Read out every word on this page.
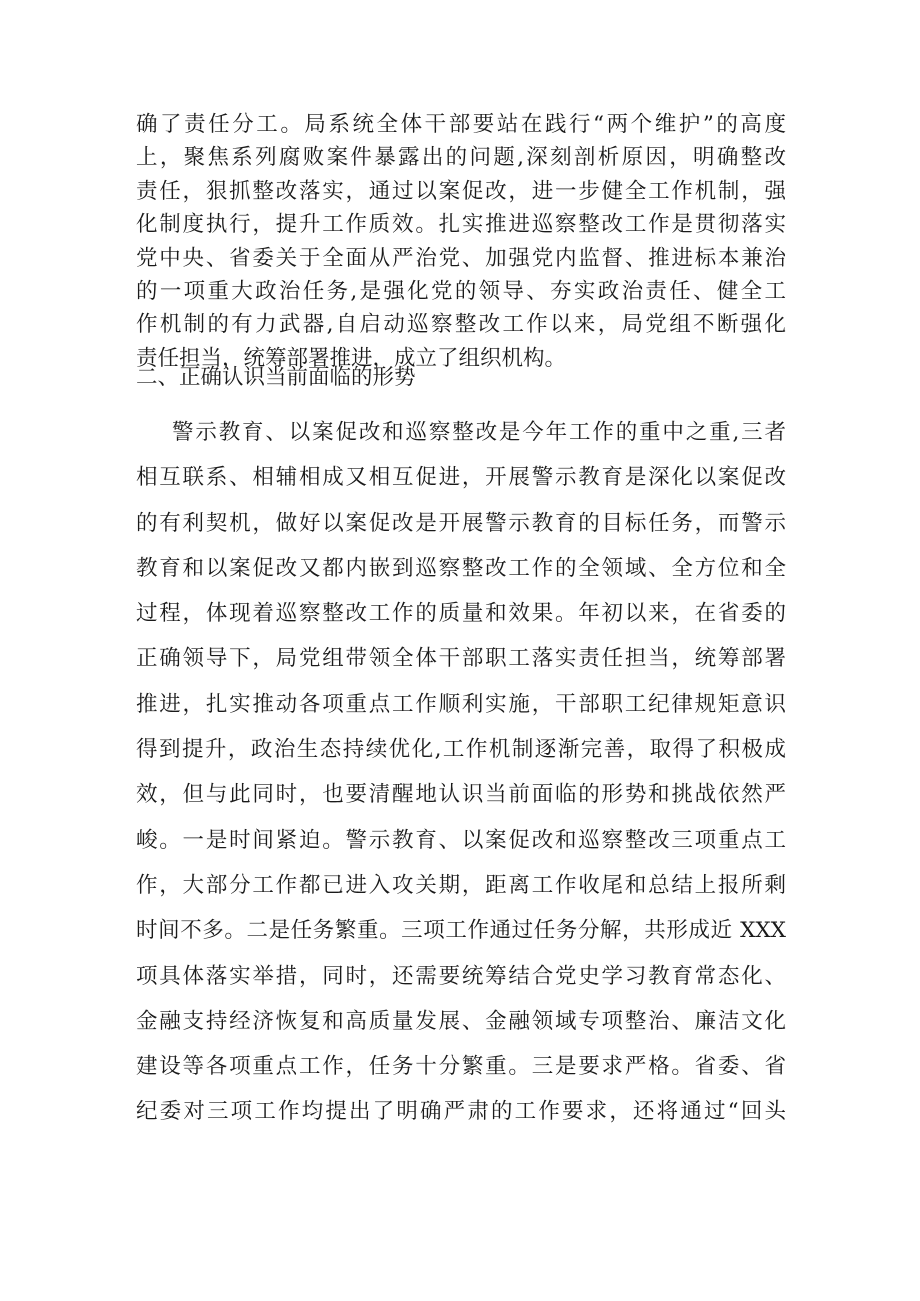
确了责任分工。局系统全体干部要站在践行“两个维护”的高度
上，聚焦系列腐败案件暴露出的问题,深刻剖析原因，明确整改
责任，狠抓整改落实，通过以案促改，进一步健全工作机制，强
化制度执行，提升工作质效。扎实推进巡察整改工作是贯彻落实
党中央、省委关于全面从严治党、加强党内监督、推进标本兼治
的一项重大政治任务,是强化党的领导、夯实政治责任、健全工
作机制的有力武器,自启动巡察整改工作以来，局党组不断强化
责任担当，统筹部署推进，成立了组织机构。
二、正确认识当前面临的形势
警示教育、以案促改和巡察整改是今年工作的重中之重,三者
相互联系、相辅相成又相互促进，开展警示教育是深化以案促改
的有利契机，做好以案促改是开展警示教育的目标任务，而警示
教育和以案促改又都内嵌到巡察整改工作的全领域、全方位和全
过程，体现着巡察整改工作的质量和效果。年初以来，在省委的
正确领导下，局党组带领全体干部职工落实责任担当，统筹部署
推进，扎实推动各项重点工作顺利实施，干部职工纪律规矩意识
得到提升，政治生态持续优化,工作机制逐渐完善，取得了积极成
效，但与此同时，也要清醒地认识当前面临的形势和挑战依然严
峻。一是时间紧迫。警示教育、以案促改和巡察整改三项重点工
作，大部分工作都已进入攻关期，距离工作收尾和总结上报所剩
时间不多。二是任务繁重。三项工作通过任务分解，共形成近 XXX
项具体落实举措，同时，还需要统筹结合党史学习教育常态化、
金融支持经济恢复和高质量发展、金融领域专项整治、廉洁文化
建设等各项重点工作，任务十分繁重。三是要求严格。省委、省
纪委对三项工作均提出了明确严肃的工作要求，还将通过“回头
